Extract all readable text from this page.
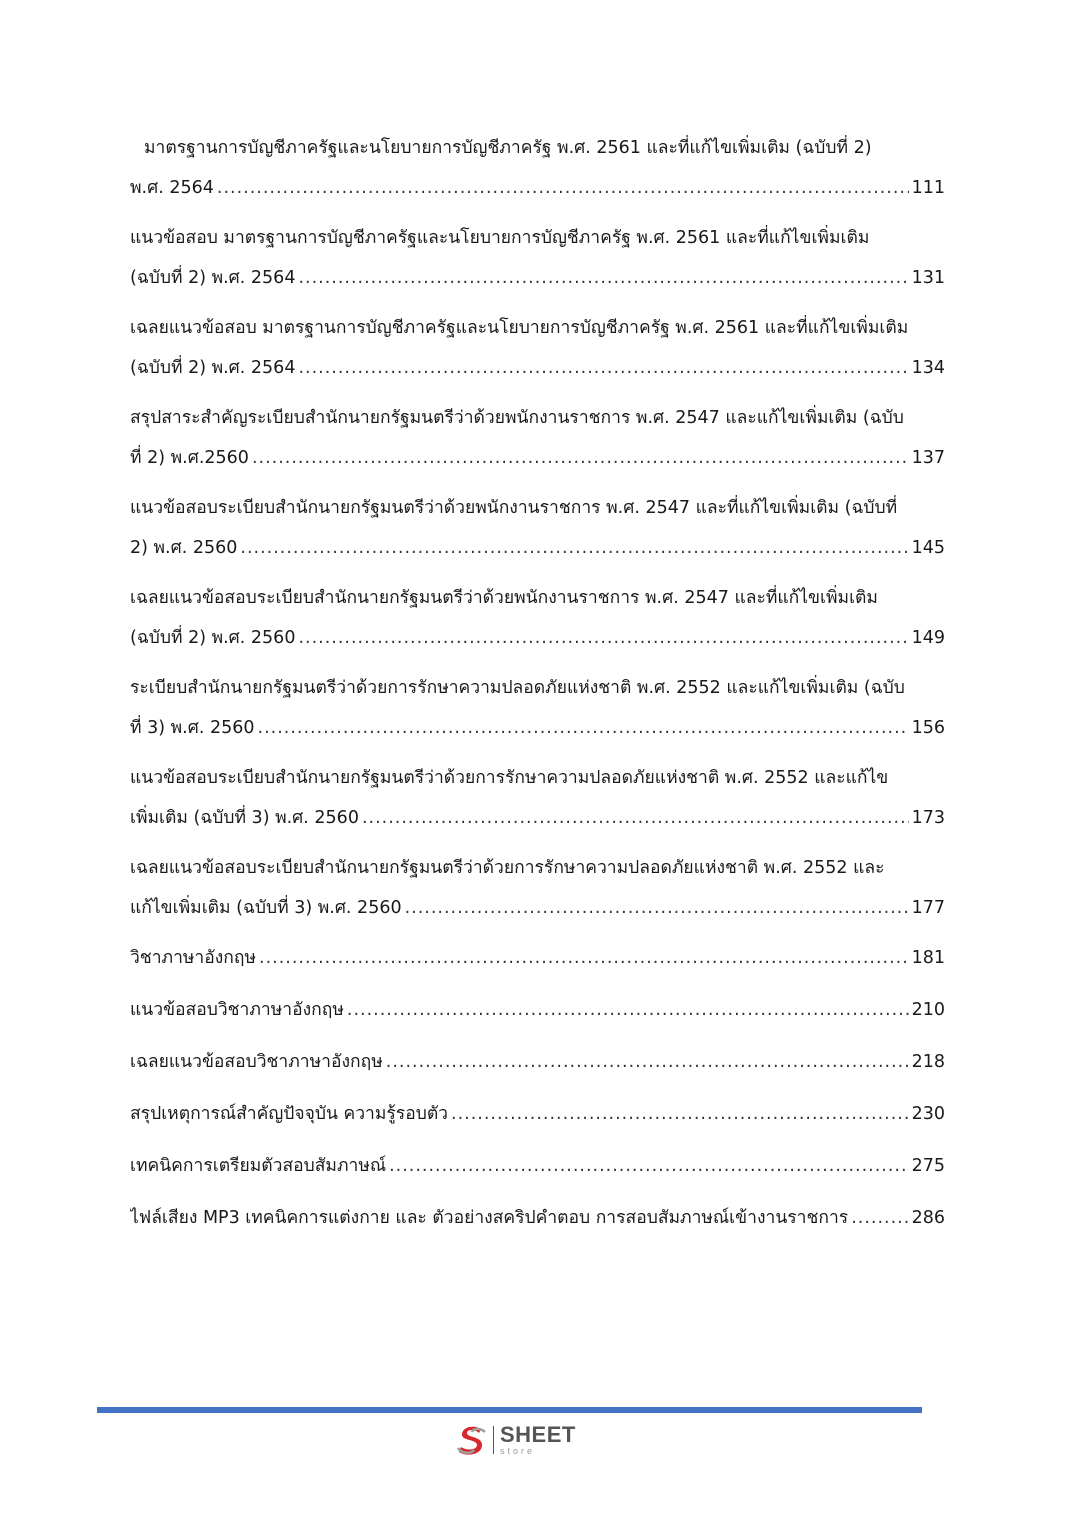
มาตรฐานการบัญชีภาครัฐและนโยบายการบัญชีภาครัฐ พ.ศ. 2561 และที่แก้ไขเพิ่มเติม (ฉบับที่ 2)
พ.ศ. 2564 .....	111
แนวข้อสอบ มาตรฐานการบัญชีภาครัฐและนโยบายการบัญชีภาครัฐ พ.ศ. 2561 และที่แก้ไขเพิ่มเติม
(ฉบับที่ 2) พ.ศ. 2564 .....	131
เฉลยแนวข้อสอบ มาตรฐานการบัญชีภาครัฐและนโยบายการบัญชีภาครัฐ พ.ศ. 2561 และที่แก้ไขเพิ่มเติม
(ฉบับที่ 2) พ.ศ. 2564 .....	134
สรุปสาระสำคัญระเบียบสำนักนายกรัฐมนตรีว่าด้วยพนักงานราชการ พ.ศ. 2547 และแก้ไขเพิ่มเติม (ฉบับ
ที่ 2) พ.ศ.2560 .....	137
แนวข้อสอบระเบียบสำนักนายกรัฐมนตรีว่าด้วยพนักงานราชการ พ.ศ. 2547 และที่แก้ไขเพิ่มเติม (ฉบับที่
2) พ.ศ. 2560 .....	145
เฉลยแนวข้อสอบระเบียบสำนักนายกรัฐมนตรีว่าด้วยพนักงานราชการ พ.ศ. 2547 และที่แก้ไขเพิ่มเติม
(ฉบับที่ 2) พ.ศ. 2560 .....	149
ระเบียบสำนักนายกรัฐมนตรีว่าด้วยการรักษาความปลอดภัยแห่งชาติ พ.ศ. 2552 และแก้ไขเพิ่มเติม (ฉบับ
ที่ 3) พ.ศ. 2560 .....	156
แนวข้อสอบระเบียบสำนักนายกรัฐมนตรีว่าด้วยการรักษาความปลอดภัยแห่งชาติ พ.ศ. 2552 และแก้ไข
เพิ่มเติม (ฉบับที่ 3) พ.ศ. 2560 .....	173
เฉลยแนวข้อสอบระเบียบสำนักนายกรัฐมนตรีว่าด้วยการรักษาความปลอดภัยแห่งชาติ พ.ศ. 2552 และ
แก้ไขเพิ่มเติม (ฉบับที่ 3) พ.ศ. 2560 .....	177
วิชาภาษาอังกฤษ .....	181
แนวข้อสอบวิชาภาษาอังกฤษ .....	210
เฉลยแนวข้อสอบวิชาภาษาอังกฤษ .....	218
สรุปเหตุการณ์สำคัญปัจจุบัน ความรู้รอบตัว .....	230
เทคนิคการเตรียมตัวสอบสัมภาษณ์ .....	275
ไฟล์เสียง MP3 เทคนิคการแต่งกาย และ ตัวอย่างสคริปคำตอบ การสอบสัมภาษณ์เข้างานราชการ .....	286
SHEET
store
